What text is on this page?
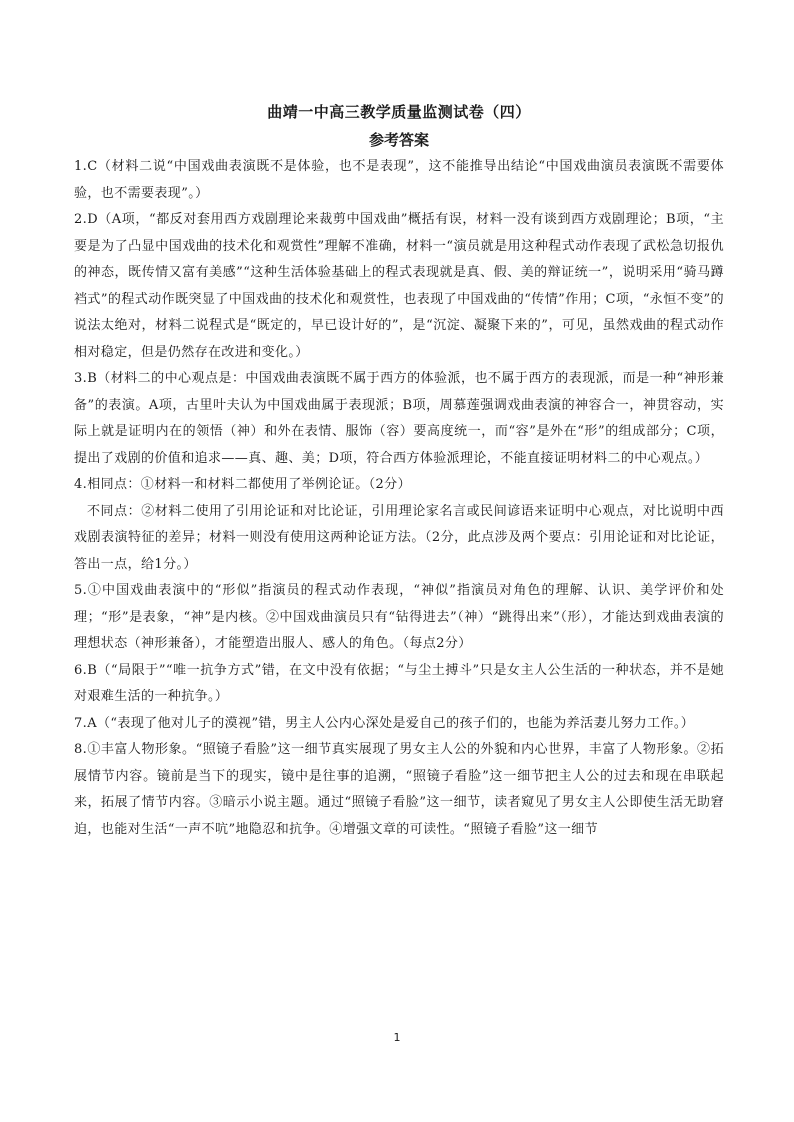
曲靖一中高三教学质量监测试卷（四）
参考答案

1.C（材料二说“中国戏曲表演既不是体验，也不是表现”，这不能推导出结论“中国戏曲演员表演既不需要体验，也不需要表现”。）

2.D（A项，“都反对套用西方戏剧理论来裁剪中国戏曲”概括有误，材料一没有谈到西方戏剧理论；B项，“主要是为了凸显中国戏曲的技术化和观赏性”理解不准确，材料一“演员就是用这种程式动作表现了武松急切报仇的神态，既传情又富有美感”“这种生活体验基础上的程式表现就是真、假、美的辩证统一”，说明采用“骑马蹲裆式”的程式动作既突显了中国戏曲的技术化和观赏性，也表现了中国戏曲的“传情”作用；C项，“永恒不变”的说法太绝对，材料二说程式是“既定的，早已设计好的”，是“沉淀、凝聚下来的”，可见，虽然戏曲的程式动作相对稳定，但是仍然存在改进和变化。）

3.B（材料二的中心观点是：中国戏曲表演既不属于西方的体验派，也不属于西方的表现派，而是一种“神形兼备”的表演。A项，古里叶夫认为中国戏曲属于表现派；B项，周慕莲强调戏曲表演的神容合一，神贯容动，实际上就是证明内在的领悟（神）和外在表情、服饰（容）要高度统一，而“容”是外在“形”的组成部分；C项，提出了戏剧的价值和追求——真、趣、美；D项，符合西方体验派理论，不能直接证明材料二的中心观点。）

4.相同点：①材料一和材料二都使用了举例论证。（2分）

不同点：②材料二使用了引用论证和对比论证，引用理论家名言或民间谚语来证明中心观点，对比说明中西戏剧表演特征的差异；材料一则没有使用这两种论证方法。（2分，此点涉及两个要点：引用论证和对比论证，答出一点，给1分。）

5.①中国戏曲表演中的“形似”指演员的程式动作表现，“神似”指演员对角色的理解、认识、美学评价和处理；“形”是表象，“神”是内核。②中国戏曲演员只有“钻得进去”（神）“跳得出来”（形），才能达到戏曲表演的理想状态（神形兼备），才能塑造出服人、感人的角色。（每点2分）

6.B（“局限于”“唯一抗争方式”错，在文中没有依据；“与尘土搏斗”只是女主人公生活的一种状态，并不是她对艰难生活的一种抗争。）

7.A（“表现了他对儿子的漠视”错，男主人公内心深处是爱自己的孩子们的，也能为养活妻儿努力工作。）

8.①丰富人物形象。“照镜子看脸”这一细节真实展现了男女主人公的外貌和内心世界，丰富了人物形象。②拓展情节内容。镜前是当下的现实，镜中是往事的追溯，“照镜子看脸”这一细节把主人公的过去和现在串联起来，拓展了情节内容。③暗示小说主题。通过“照镜子看脸”这一细节，读者窥见了男女主人公即使生活无助窘迫，也能对生活“一声不吭”地隐忍和抗争。④增强文章的可读性。“照镜子看脸”这一细节

1
